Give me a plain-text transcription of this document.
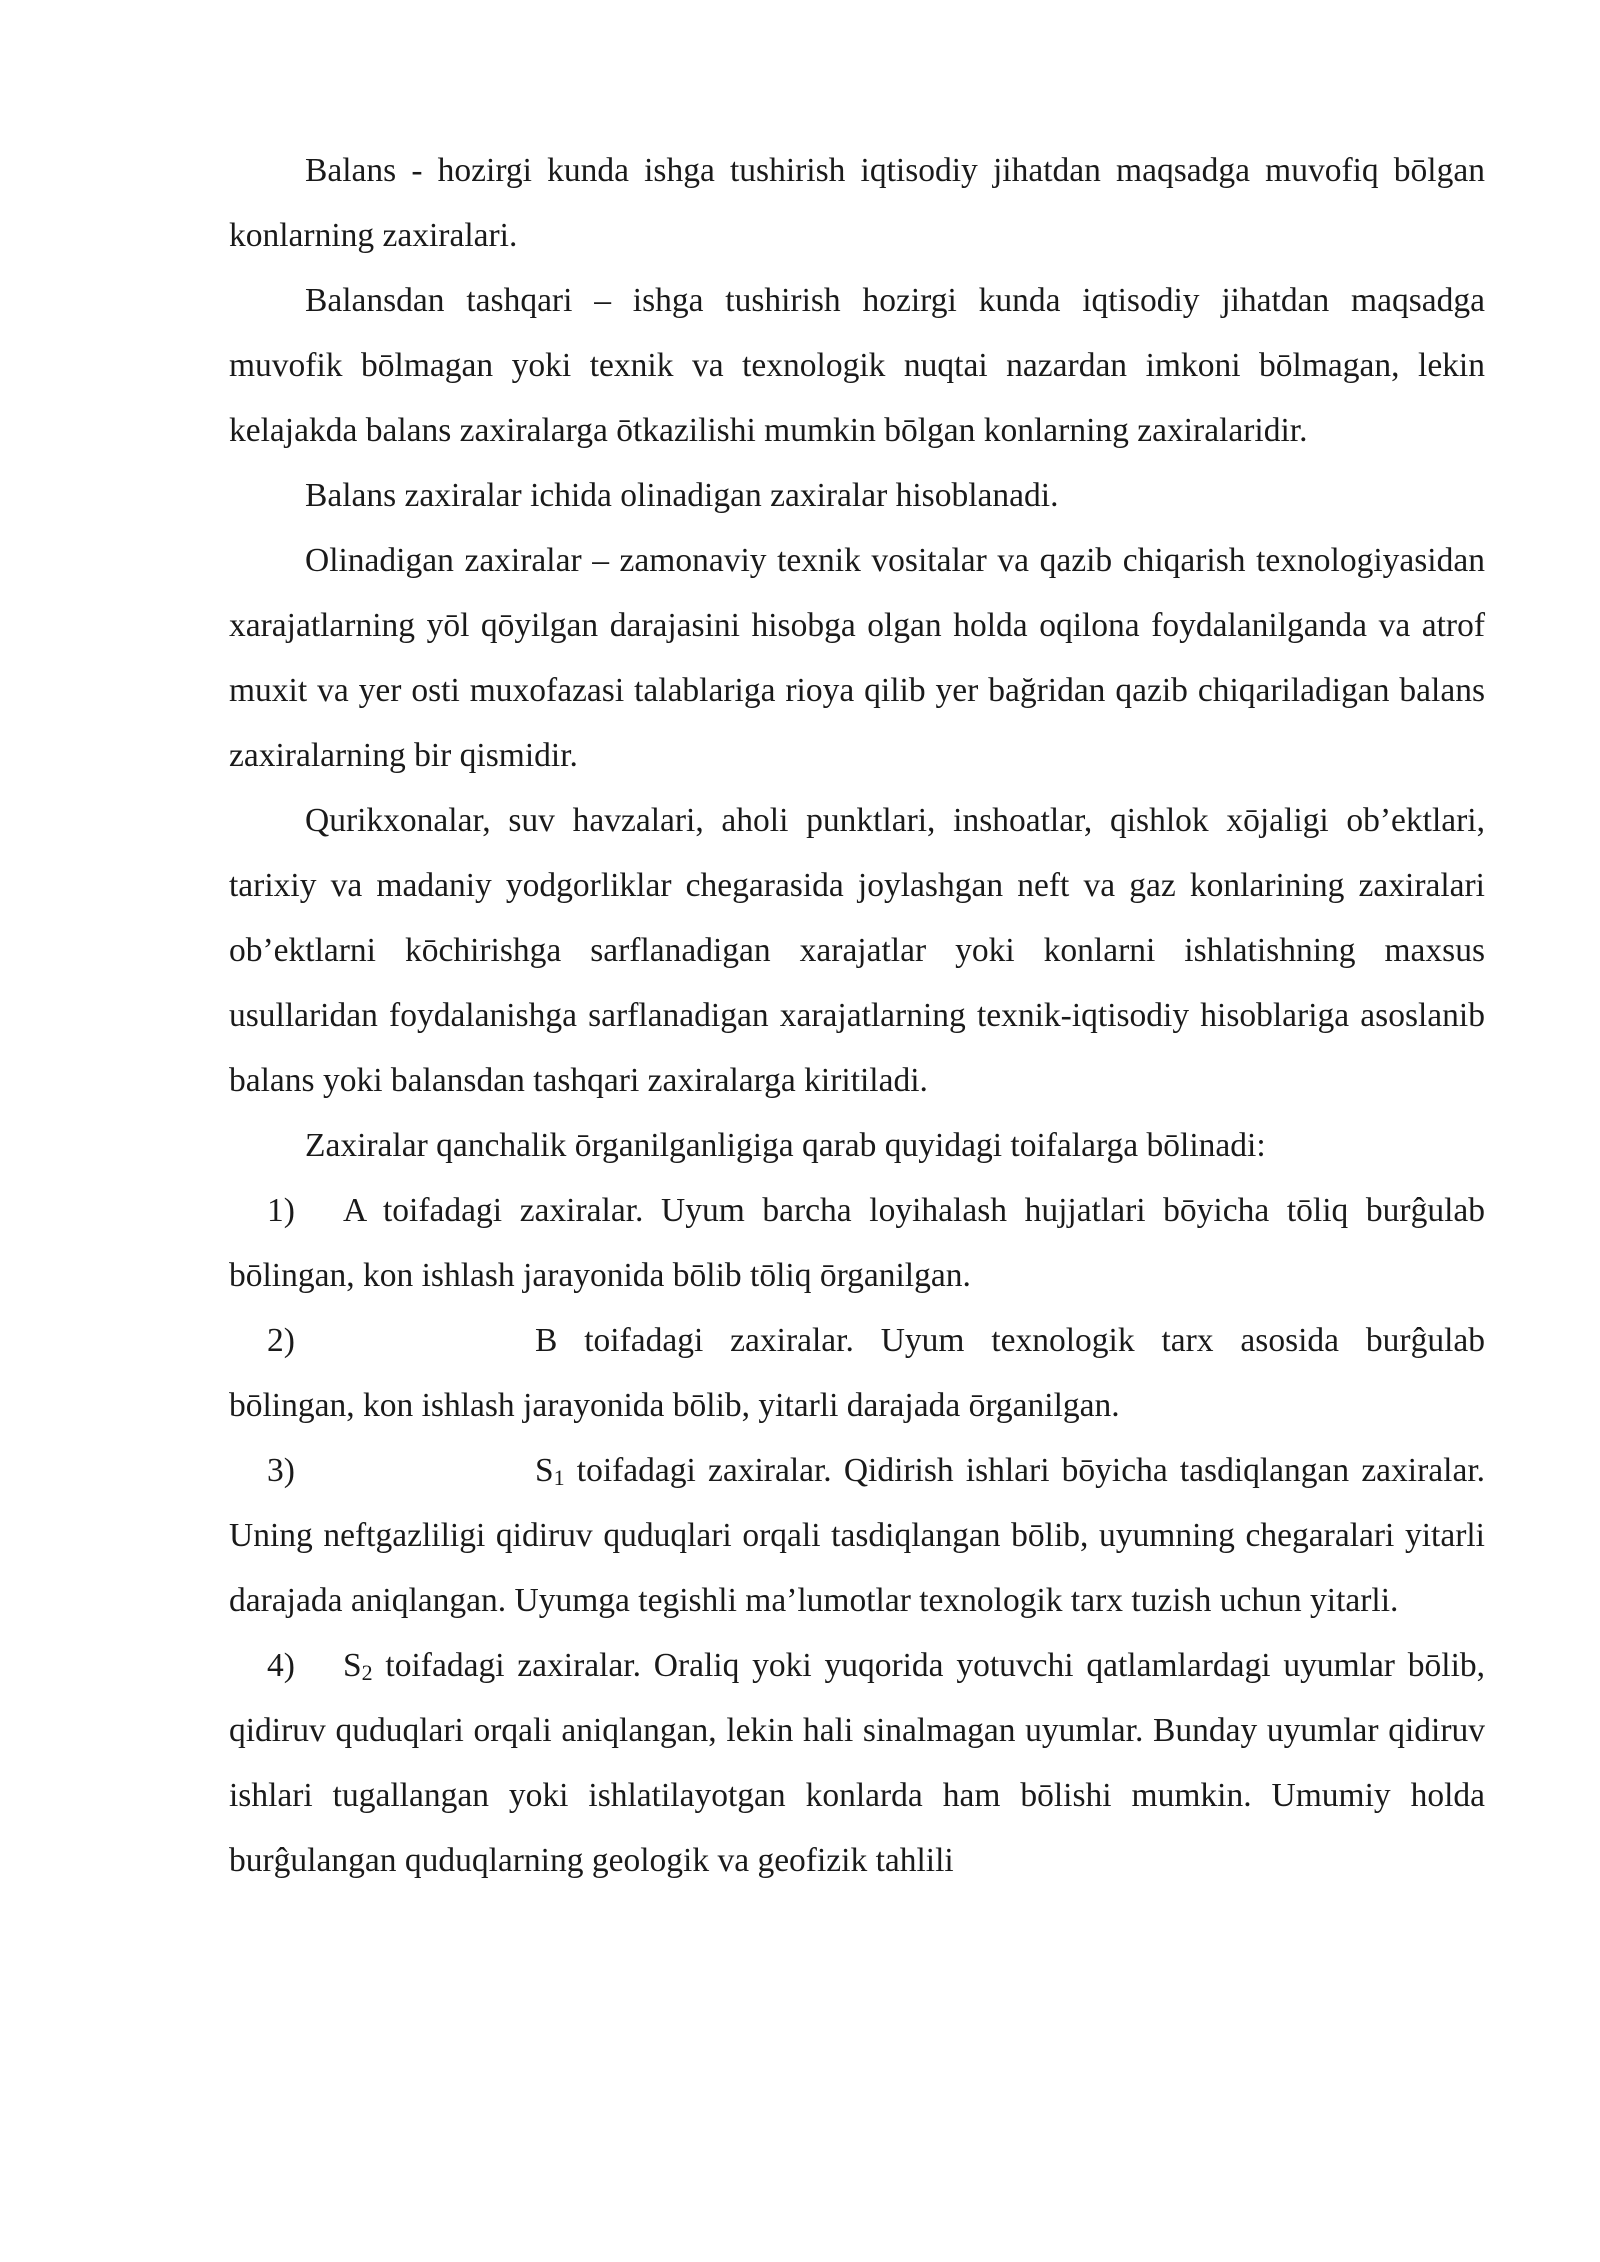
Balans - hozirgi kunda ishga tushirish iqtisodiy jihatdan maqsadga muvofiq bōlgan konlarning zaxiralari.

Balansdan tashqari – ishga tushirish hozirgi kunda iqtisodiy jihatdan maqsadga muvofik bōlmagan yoki texnik va texnologik nuqtai nazardan imkoni bōlmagan, lekin kelajakda balans zaxiralarga ōtkazilishi mumkin bōlgan konlarning zaxiralaridir.

Balans zaxiralar ichida olinadigan zaxiralar hisoblanadi.

Olinadigan zaxiralar – zamonaviy texnik vositalar va qazib chiqarish texnologiyasidan xarajatlarning yōl qōyilgan darajasini hisobga olgan holda oqilona foydalanilganda va atrof muxit va yer osti muxofazasi talablariga rioya qilib yer bağridan qazib chiqariladigan balans zaxiralarning bir qismidir.

Qurikxonalar, suv havzalari, aholi punktlari, inshoatlar, qishlok xōjaligi ob’ektlari, tarixiy va madaniy yodgorliklar chegarasida joylashgan neft va gaz konlarining zaxiralari ob’ektlarni kōchirishga sarflanadigan xarajatlar yoki konlarni ishlatishning maxsus usullaridan foydalanishga sarflanadigan xarajatlarning texnik-iqtisodiy hisoblariga asoslanib balans yoki balansdan tashqari zaxiralarga kiritiladi.

Zaxiralar qanchalik ōrganilganligiga qarab quyidagi toifalarga bōlinadi:

1) A toifadagi zaxiralar. Uyum barcha loyihalash hujjatlari bōyicha tōliq burĝulab bōlingan, kon ishlash jarayonida bōlib tōliq ōrganilgan.

2)	B toifadagi zaxiralar. Uyum texnologik tarx asosida burĝulab bōlingan, kon ishlash jarayonida bōlib, yitarli darajada ōrganilgan.

3)	$S_1$ toifadagi zaxiralar. Qidirish ishlari bōyicha tasdiqlangan zaxiralar. Uning neftgazliligi qidiruv quduqlari orqali tasdiqlangan bōlib, uyumning chegaralari yitarli darajada aniqlangan. Uyumga tegishli ma’lumotlar texnologik tarx tuzish uchun yitarli.

4) $S_2$ toifadagi zaxiralar. Oraliq yoki yuqorida yotuvchi qatlamlardagi uyumlar bōlib, qidiruv quduqlari orqali aniqlangan, lekin hali sinalmagan uyumlar. Bunday uyumlar qidiruv ishlari tugallangan yoki ishlatilayotgan konlarda ham bōlishi mumkin. Umumiy holda burĝulangan quduqlarning geologik va geofizik tahlili
